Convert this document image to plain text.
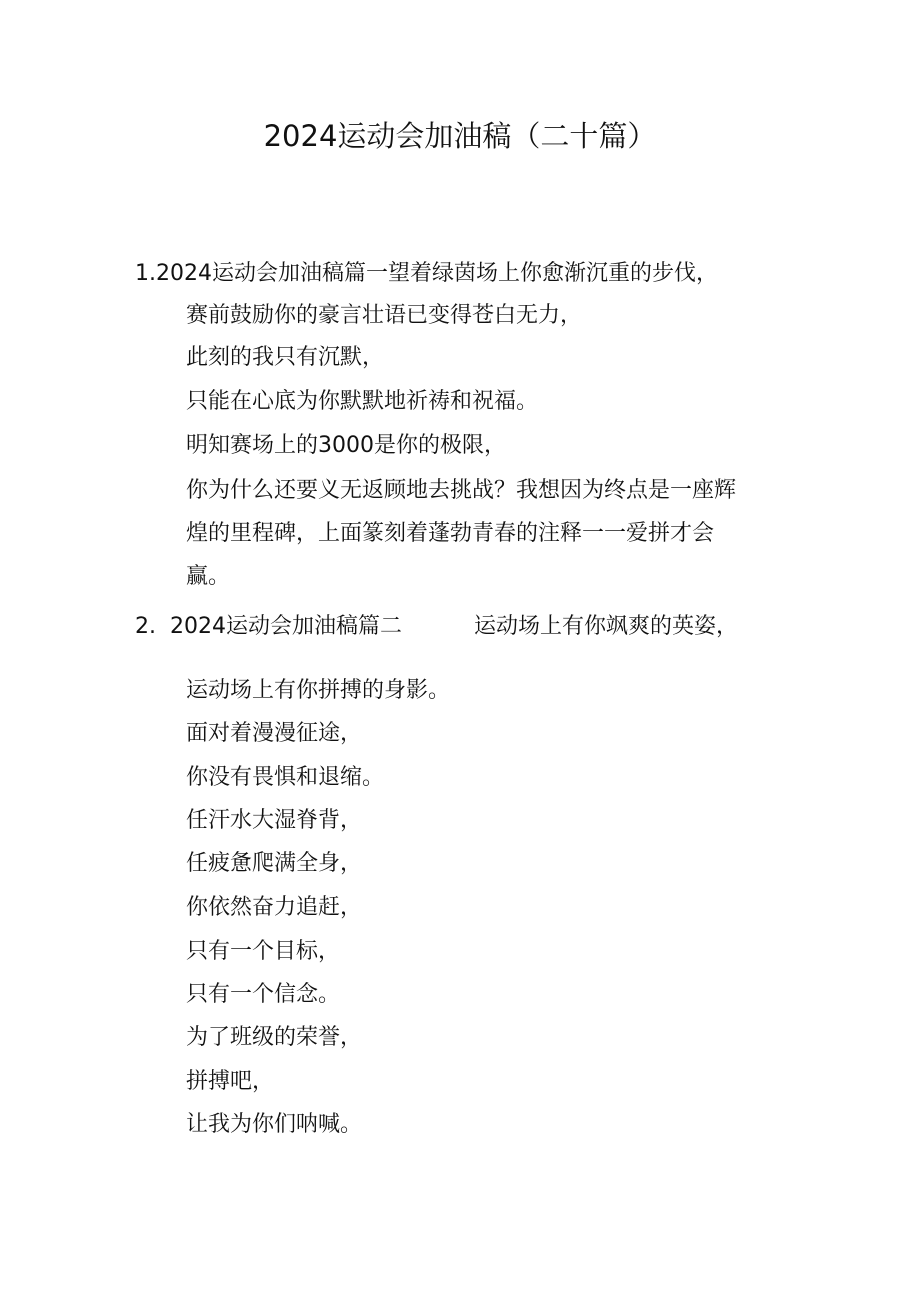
2024运动会加油稿（二十篇）
1.2024运动会加油稿篇一望着绿茵场上你愈渐沉重的步伐，
赛前鼓励你的豪言壮语已变得苍白无力，
此刻的我只有沉默，
只能在心底为你默默地祈祷和祝福。
明知赛场上的3000是你的极限，
你为什么还要义无返顾地去挑战？我想因为终点是一座辉
煌的里程碑，上面篆刻着蓬勃青春的注释一一爱拼才会
赢。
2. 2024运动会加油稿篇二	运动场上有你飒爽的英姿，
运动场上有你拼搏的身影。
面对着漫漫征途，
你没有畏惧和退缩。
任汗水大湿脊背，
任疲惫爬满全身，
你依然奋力追赶，
只有一个目标，
只有一个信念。
为了班级的荣誉，
拼搏吧，
让我为你们呐喊。
